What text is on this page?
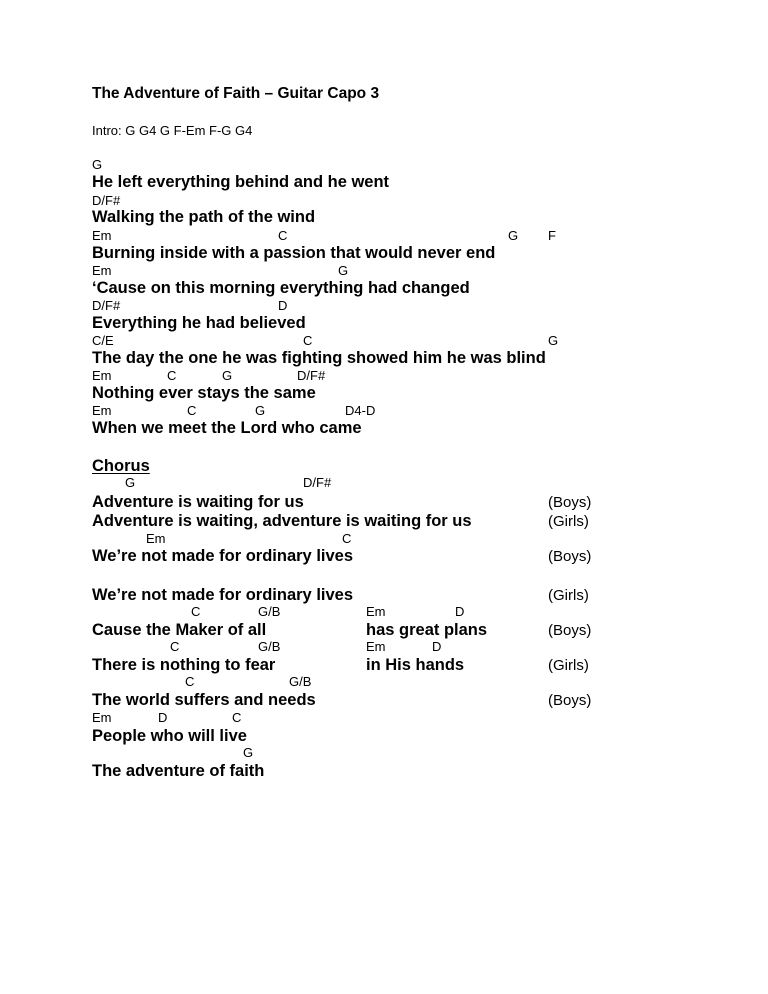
The Adventure of Faith – Guitar Capo 3
Intro: G G4 G F-Em F-G G4
G
He left everything behind and he went
D/F#
Walking the path of the wind
Em	C	G F
Burning inside with a passion that would never end
Em	G
‘Cause on this morning everything had changed
D/F#	D
Everything he had believed
C/E	C	G
The day the one he was fighting showed him he was blind
Em	C	G	D/F#
Nothing ever stays the same
Em	C	G	D4-D
When we meet the Lord who came
Chorus
G	D/F#
Adventure is waiting for us	(Boys)
Adventure is waiting, adventure is waiting for us	(Girls)
Em	C
We’re not made for ordinary lives	(Boys)
We’re not made for ordinary lives	(Girls)
C	G/B	Em	D
Cause the Maker of all	has great plans	(Boys)
C	G/B	Em	D
There is nothing to fear	in His hands	(Girls)
C	G/B
The world suffers and needs	(Boys)
Em	D	C
People who will live
G
The adventure of faith
